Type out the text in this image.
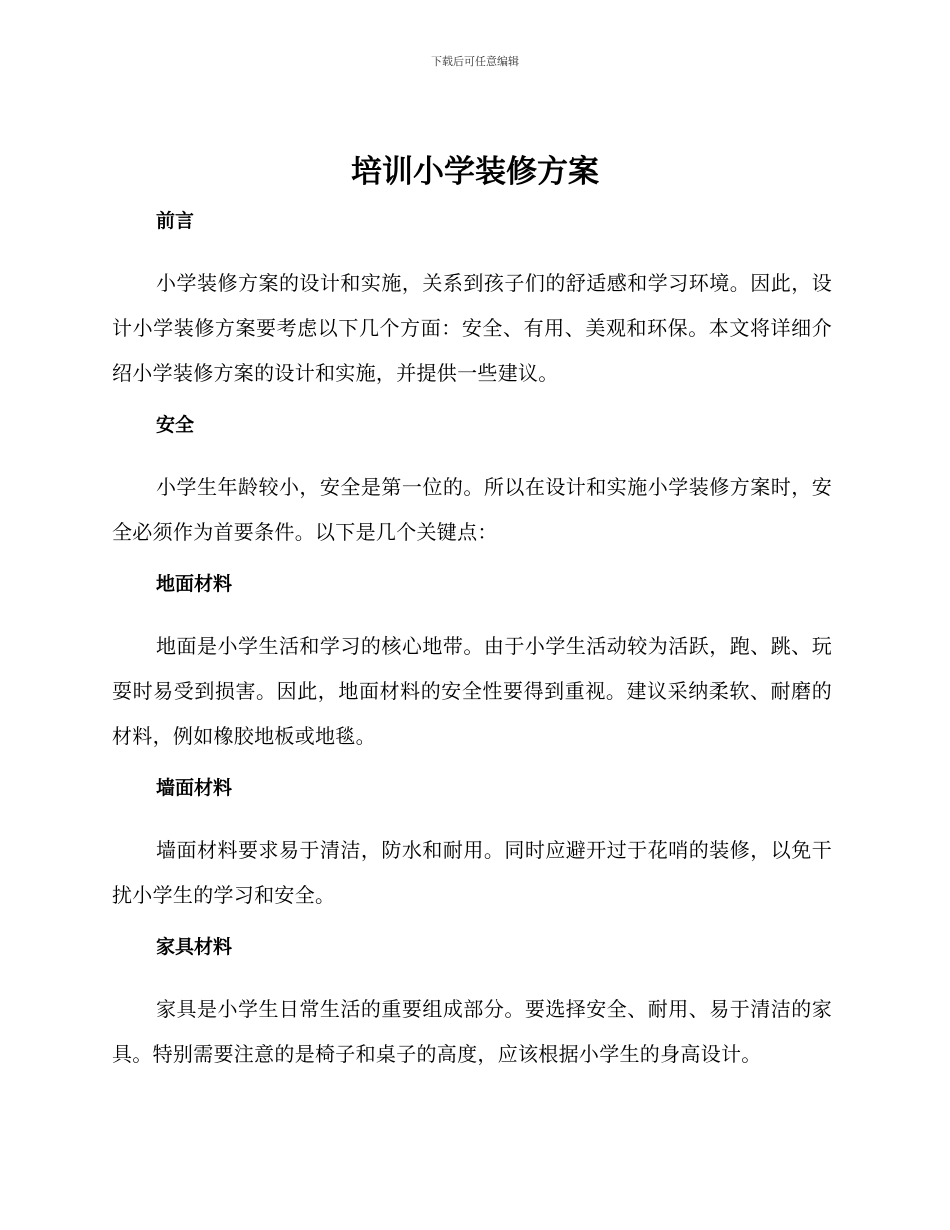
下载后可任意编辑
培训小学装修方案
前言

小学装修方案的设计和实施，关系到孩子们的舒适感和学习环境。因此，设计小学装修方案要考虑以下几个方面：安全、有用、美观和环保。本文将详细介绍小学装修方案的设计和实施，并提供一些建议。

安全

小学生年龄较小，安全是第一位的。所以在设计和实施小学装修方案时，安全必须作为首要条件。以下是几个关键点：

地面材料

地面是小学生活和学习的核心地带。由于小学生活动较为活跃，跑、跳、玩耍时易受到损害。因此，地面材料的安全性要得到重视。建议采纳柔软、耐磨的材料，例如橡胶地板或地毯。

墙面材料

墙面材料要求易于清洁，防水和耐用。同时应避开过于花哨的装修，以免干扰小学生的学习和安全。

家具材料

家具是小学生日常生活的重要组成部分。要选择安全、耐用、易于清洁的家具。特别需要注意的是椅子和桌子的高度，应该根据小学生的身高设计。
